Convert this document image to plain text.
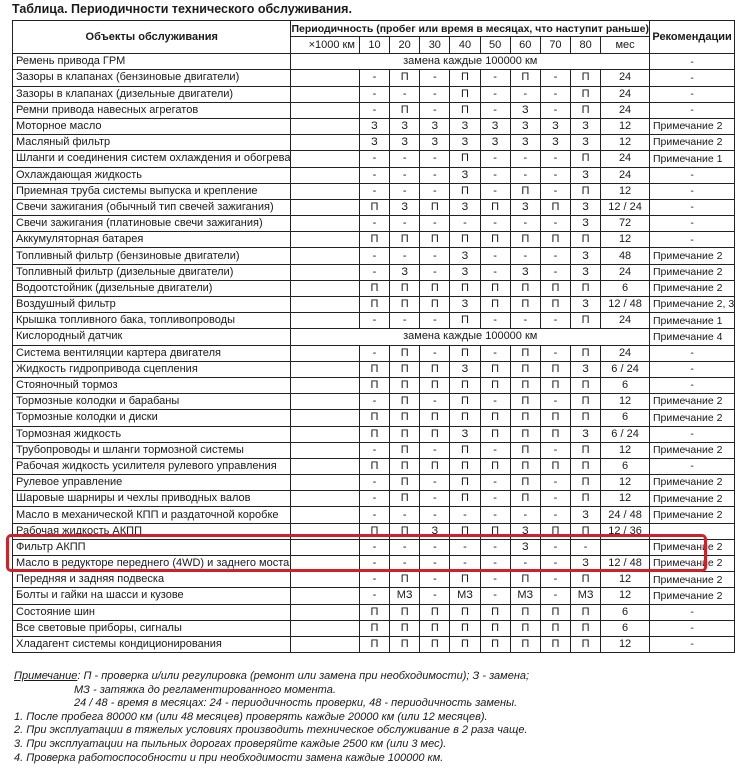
Таблица. Периодичности технического обслуживания.
Объекты обслуживания	Периодичность (пробег или время в месяцах, что наступит раньше)										Рекомендации
	×1000 км	10	20	30	40	50	60	70	80	мес	
Ремень привода ГРМ	замена каждые 100000 км										-
Зазоры в клапанах (бензиновые двигатели)		-	П	-	П	-	П	-	П	24	-
Зазоры в клапанах (дизельные двигатели)		-	-	-	П	-	-	-	П	24	-
Ремни привода навесных агрегатов		-	П	-	П	-	З	-	П	24	-
Моторное масло		З	З	З	З	З	З	З	З	12	Примечание 2
Масляный фильтр		З	З	З	З	З	З	З	З	12	Примечание 2
Шланги и соединения систем охлаждения и обогрева		-	-	-	П	-	-	-	П	24	Примечание 1
Охлаждающая жидкость		-	-	-	З	-	-	-	З	24	-
Приемная труба системы выпуска и крепление		-	-	-	П	-	П	-	П	12	-
Свечи зажигания (обычный тип свечей зажигания)		П	З	П	З	П	З	П	З	12 / 24	-
Свечи зажигания (платиновые свечи зажигания)		-	-	-	-	-	-	-	З	72	-
Аккумуляторная батарея		П	П	П	П	П	П	П	П	12	-
Топливный фильтр (бензиновые двигатели)		-	-	-	З	-	-	-	З	48	Примечание 2
Топливный фильтр (дизельные двигатели)		-	З	-	З	-	З	-	З	24	Примечание 2
Водоотстойник (дизельные двигатели)		П	П	П	П	П	П	П	П	6	Примечание 2
Воздушный фильтр		П	П	П	З	П	П	П	З	12 / 48	Примечание 2, 3
Крышка топливного бака, топливопроводы		-	-	-	П	-	-	-	П	24	Примечание 1
Кислородный датчик	замена каждые 100000 км										Примечание 4
Система вентиляции картера двигателя		-	П	-	П	-	П	-	П	24	-
Жидкость гидропривода сцепления		П	П	П	З	П	П	П	З	6 / 24	-
Стояночный тормоз		П	П	П	П	П	П	П	П	6	-
Тормозные колодки и барабаны		-	П	-	П	-	П	-	П	12	Примечание 2
Тормозные колодки и диски		П	П	П	П	П	П	П	П	6	Примечание 2
Тормозная жидкость		П	П	П	З	П	П	П	З	6 / 24	-
Трубопроводы и шланги тормозной системы		-	П	-	П	-	П	-	П	12	Примечание 2
Рабочая жидкость усилителя рулевого управления		П	П	П	П	П	П	П	П	6	-
Рулевое управление		-	П	-	П	-	П	-	П	12	Примечание 2
Шаровые шарниры и чехлы приводных валов		-	П	-	П	-	П	-	П	12	Примечание 2
Масло в механической КПП и раздаточной коробке		-	-	-	-	-	-	-	З	24 / 48	Примечание 2
Рабочая жидкость АКПП		П	П	З	П	П	З	П	П	12 / 36	
Фильтр АКПП		-	-	-	-	-	З	-	-		Примечание 2
Масло в редукторе переднего (4WD) и заднего моста		-	-	-	-	-	-	-	З	12 / 48	Примечание 2
Передняя и задняя подвеска		-	П	-	П	-	П	-	П	12	Примечание 2
Болты и гайки на шасси и кузове		-	МЗ	-	МЗ	-	МЗ	-	МЗ	12	Примечание 2
Состояние шин		П	П	П	П	П	П	П	П	6	-
Все световые приборы, сигналы		П	П	П	П	П	П	П	П	6	-
Хладагент системы кондиционирования		П	П	П	П	П	П	П	П	12	-
Примечание: П - проверка и/или регулировка (ремонт или замена при необходимости); З - замена;
МЗ - затяжка до регламентированного момента.
24 / 48 - время в месяцах: 24 - периодичность проверки, 48 - периодичность замены.
1. После пробега 80000 км (или 48 месяцев) проверять каждые 20000 км (или 12 месяцев).
2. При эксплуатации в тяжелых условиях производить техническое обслуживание в 2 раза чаще.
3. При эксплуатации на пыльных дорогах проверяйте каждые 2500 км (или 3 мес).
4. Проверка работоспособности и при необходимости замена каждые 100000 км.
